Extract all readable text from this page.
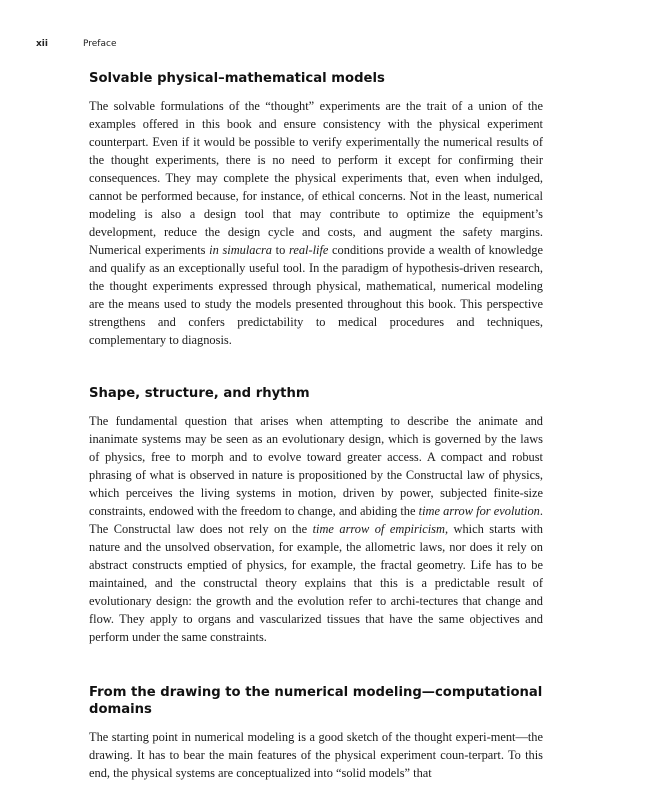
xii	Preface
Solvable physical–mathematical models

The solvable formulations of the “thought” experiments are the trait of a union of the examples offered in this book and ensure consistency with the physical experiment counterpart. Even if it would be possible to verify experimentally the numerical results of the thought experiments, there is no need to perform it except for confirming their consequences. They may complete the physical experiments that, even when indulged, cannot be performed because, for instance, of ethical concerns. Not in the least, numerical modeling is also a design tool that may contribute to optimize the equipment’s development, reduce the design cycle and costs, and augment the safety margins. Numerical experiments in simulacra to real-life conditions provide a wealth of knowledge and qualify as an exceptionally useful tool. In the paradigm of hypothesis-driven research, the thought experiments expressed through physical, mathematical, numerical modeling are the means used to study the models presented throughout this book. This perspective strengthens and confers predictability to medical procedures and techniques, complementary to diagnosis.

Shape, structure, and rhythm

The fundamental question that arises when attempting to describe the animate and inanimate systems may be seen as an evolutionary design, which is governed by the laws of physics, free to morph and to evolve toward greater access. A compact and robust phrasing of what is observed in nature is propositioned by the Constructal law of physics, which perceives the living systems in motion, driven by power, subjected finite-size constraints, endowed with the freedom to change, and abiding the time arrow for evolution. The Constructal law does not rely on the time arrow of empiricism, which starts with nature and the unsolved observation, for example, the allometric laws, nor does it rely on abstract constructs emptied of physics, for example, the fractal geometry. Life has to be maintained, and the constructal theory explains that this is a predictable result of evolutionary design: the growth and the evolution refer to archi-tectures that change and flow. They apply to organs and vascularized tissues that have the same objectives and perform under the same constraints.

From the drawing to the numerical modeling—computational domains

The starting point in numerical modeling is a good sketch of the thought experi-ment—the drawing. It has to bear the main features of the physical experiment coun-terpart. To this end, the physical systems are conceptualized into “solid models” that
